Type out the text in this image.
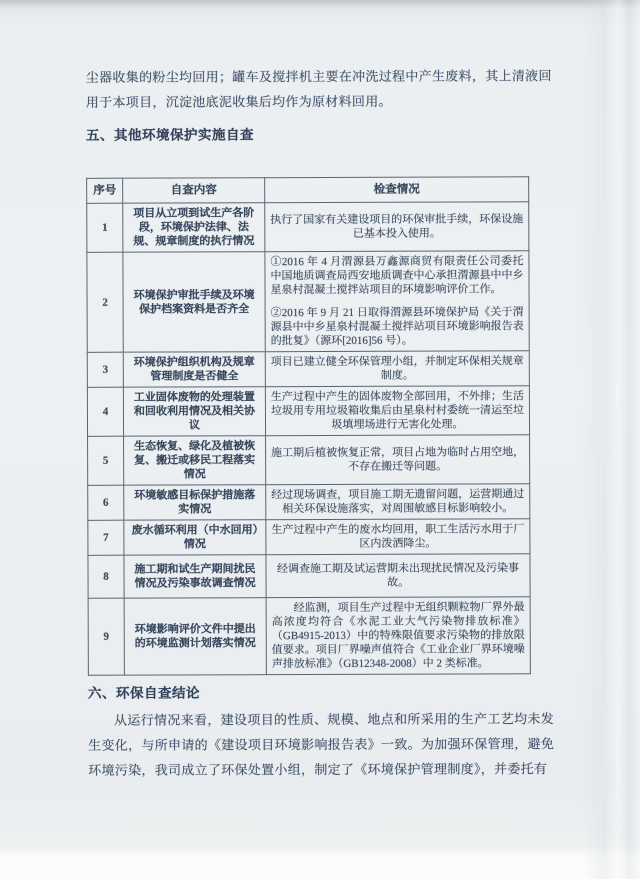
尘器收集的粉尘均回用；罐车及搅拌机主要在冲洗过程中产生废料，其上清液回用于本项目，沉淀池底泥收集后均作为原材料回用。

五、其他环境保护实施自查
序号	自查内容	检查情况
1	项目从立项到试生产各阶段，环境保护法律、法规、规章制度的执行情况	执行了国家有关建设项目的环保审批手续，环保设施已基本投入使用。
2	环境保护审批手续及环境保护档案资料是否齐全	①2016 年 4 月渭源县万鑫源商贸有限责任公司委托中国地质调查局西安地质调查中心承担渭源县中中乡星泉村混凝土搅拌站项目的环境影响评价工作。
②2016 年 9 月 21 日取得渭源县环境保护局《关于渭源县中中乡星泉村混凝土搅拌站项目环境影响报告表的批复》（源环[2016]56 号）。

3	环境保护组织机构及规章管理制度是否健全	项目已建立健全环保管理小组，并制定环保相关规章制度。
4	工业固体废物的处理装置和回收利用情况及相关协议	生产过程中产生的固体废物全部回用，不外排；生活垃圾用专用垃圾箱收集后由星泉村村委统一清运至垃圾填埋场进行无害化处理。
5	生态恢复、绿化及植被恢复、搬迁或移民工程落实情况	施工期后植被恢复正常，项目占地为临时占用空地，不存在搬迁等问题。
6	环境敏感目标保护措施落实情况	经过现场调查，项目施工期无遗留问题，运营期通过相关环保设施落实，对周围敏感目标影响较小。
7	废水循环利用（中水回用）情况	生产过程中产生的废水均回用，职工生活污水用于厂区内泼洒降尘。
8	施工期和试生产期间扰民情况及污染事故调查情况	经调查施工期及试运营期未出现扰民情况及污染事故。
9	环境影响评价文件中提出的环境监测计划落实情况	经监测，项目生产过程中无组织颗粒物厂界外最高浓度均符合《水泥工业大气污染物排放标准》（GB4915-2013）中的特殊限值要求污染物的排放限值要求。项目厂界噪声值符合《工业企业厂界环境噪声排放标准》（GB12348-2008）中 2 类标准。
六、环保自查结论

从运行情况来看，建设项目的性质、规模、地点和所采用的生产工艺均未发生变化，与所申请的《建设项目环境影响报告表》一致。为加强环保管理，避免环境污染，我司成立了环保处置小组，制定了《环境保护管理制度》，并委托有
